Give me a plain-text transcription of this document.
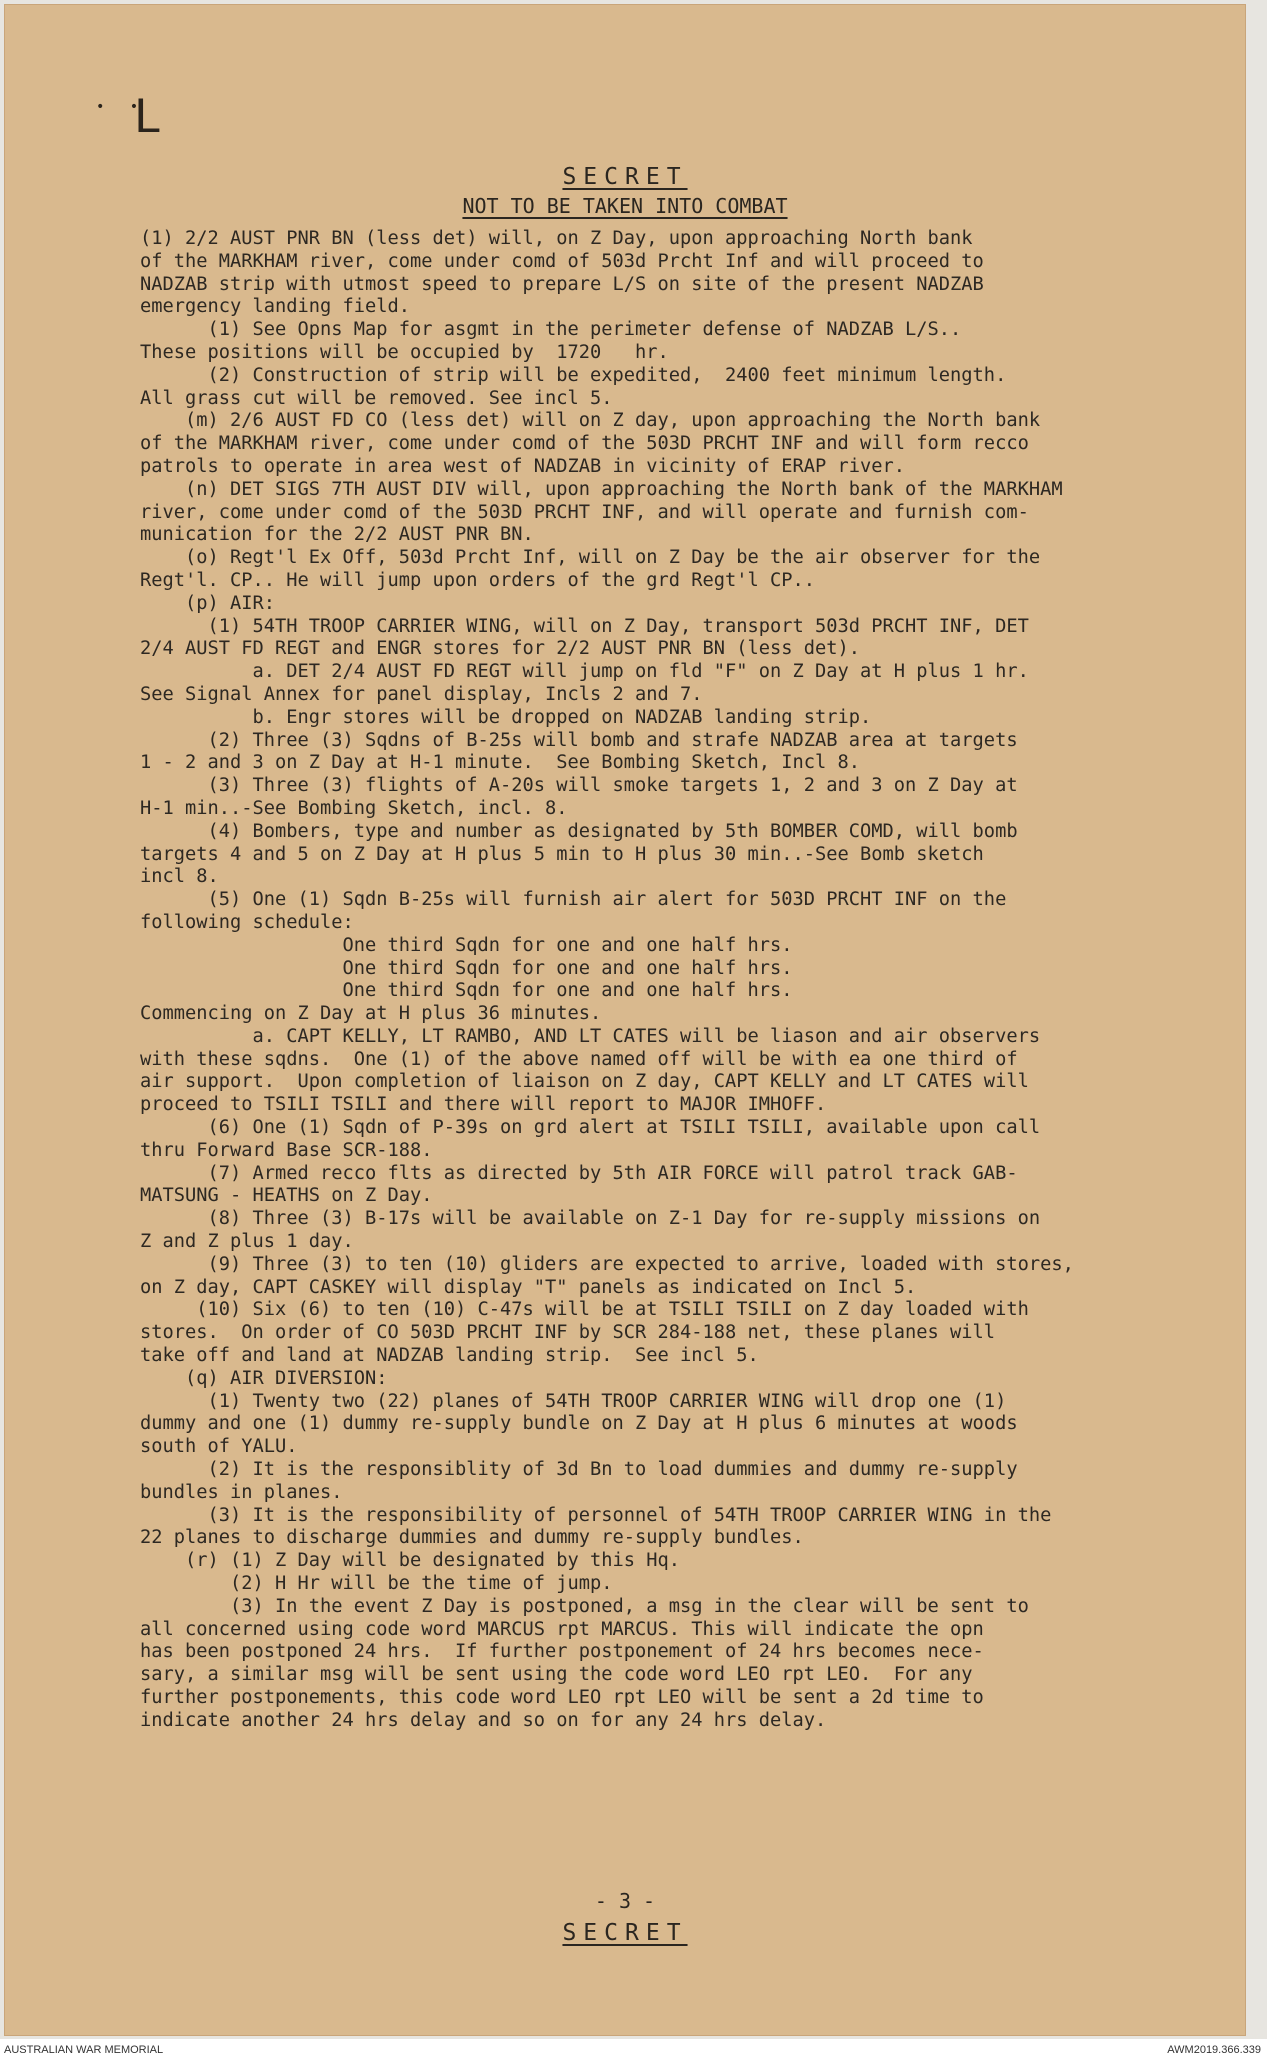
•   •
ᒪ
SECRET
NOT TO BE TAKEN INTO COMBAT
(1) 2/2 AUST PNR BN (less det) will, on Z Day, upon approaching North bank
of the MARKHAM river, come under comd of 503d Prcht Inf and will proceed to
NADZAB strip with utmost speed to prepare L/S on site of the present NADZAB
emergency landing field.
(1) See Opns Map for asgmt in the perimeter defense of NADZAB L/S..
These positions will be occupied by  1720   hr.
(2) Construction of strip will be expedited,  2400 feet minimum length.
All grass cut will be removed. See incl 5.
(m) 2/6 AUST FD CO (less det) will on Z day, upon approaching the North bank
of the MARKHAM river, come under comd of the 503D PRCHT INF and will form recco
patrols to operate in area west of NADZAB in vicinity of ERAP river.
(n) DET SIGS 7TH AUST DIV will, upon approaching the North bank of the MARKHAM
river, come under comd of the 503D PRCHT INF, and will operate and furnish com-
munication for the 2/2 AUST PNR BN.
(o) Regt'l Ex Off, 503d Prcht Inf, will on Z Day be the air observer for the
Regt'l. CP.. He will jump upon orders of the grd Regt'l CP..
(p) AIR:
(1) 54TH TROOP CARRIER WING, will on Z Day, transport 503d PRCHT INF, DET
2/4 AUST FD REGT and ENGR stores for 2/2 AUST PNR BN (less det).
a. DET 2/4 AUST FD REGT will jump on fld "F" on Z Day at H plus 1 hr.
See Signal Annex for panel display, Incls 2 and 7.
b. Engr stores will be dropped on NADZAB landing strip.
(2) Three (3) Sqdns of B-25s will bomb and strafe NADZAB area at targets
1 - 2 and 3 on Z Day at H-1 minute.  See Bombing Sketch, Incl 8.
(3) Three (3) flights of A-20s will smoke targets 1, 2 and 3 on Z Day at
H-1 min..-See Bombing Sketch, incl. 8.
(4) Bombers, type and number as designated by 5th BOMBER COMD, will bomb
targets 4 and 5 on Z Day at H plus 5 min to H plus 30 min..-See Bomb sketch
incl 8.
(5) One (1) Sqdn B-25s will furnish air alert for 503D PRCHT INF on the
following schedule:
One third Sqdn for one and one half hrs.
One third Sqdn for one and one half hrs.
One third Sqdn for one and one half hrs.
Commencing on Z Day at H plus 36 minutes.
a. CAPT KELLY, LT RAMBO, AND LT CATES will be liason and air observers
with these sqdns.  One (1) of the above named off will be with ea one third of
air support.  Upon completion of liaison on Z day, CAPT KELLY and LT CATES will
proceed to TSILI TSILI and there will report to MAJOR IMHOFF.
(6) One (1) Sqdn of P-39s on grd alert at TSILI TSILI, available upon call
thru Forward Base SCR-188.
(7) Armed recco flts as directed by 5th AIR FORCE will patrol track GAB-
MATSUNG - HEATHS on Z Day.
(8) Three (3) B-17s will be available on Z-1 Day for re-supply missions on
Z and Z plus 1 day.
(9) Three (3) to ten (10) gliders are expected to arrive, loaded with stores,
on Z day, CAPT CASKEY will display "T" panels as indicated on Incl 5.
(10) Six (6) to ten (10) C-47s will be at TSILI TSILI on Z day loaded with
stores.  On order of CO 503D PRCHT INF by SCR 284-188 net, these planes will
take off and land at NADZAB landing strip.  See incl 5.
(q) AIR DIVERSION:
(1) Twenty two (22) planes of 54TH TROOP CARRIER WING will drop one (1)
dummy and one (1) dummy re-supply bundle on Z Day at H plus 6 minutes at woods
south of YALU.
(2) It is the responsiblity of 3d Bn to load dummies and dummy re-supply
bundles in planes.
(3) It is the responsibility of personnel of 54TH TROOP CARRIER WING in the
22 planes to discharge dummies and dummy re-supply bundles.
(r) (1) Z Day will be designated by this Hq.
(2) H Hr will be the time of jump.
(3) In the event Z Day is postponed, a msg in the clear will be sent to
all concerned using code word MARCUS rpt MARCUS. This will indicate the opn
has been postponed 24 hrs.  If further postponement of 24 hrs becomes nece-
sary, a similar msg will be sent using the code word LEO rpt LEO.  For any
further postponements, this code word LEO rpt LEO will be sent a 2d time to
indicate another 24 hrs delay and so on for any 24 hrs delay.
- 3 -
SECRET
AUSTRALIAN WAR MEMORIAL	AWM2019.366.339
